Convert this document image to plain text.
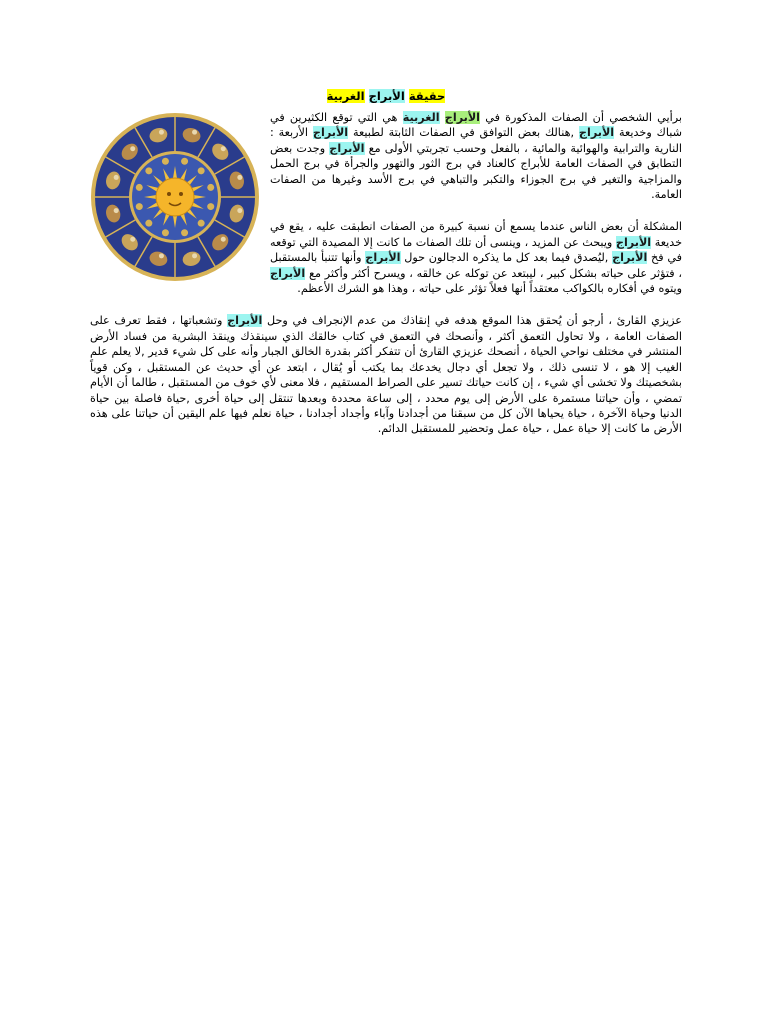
حقيقة الأبراج الغربية

برأيي الشخصي أن الصفات المذكورة في الأبراج الغربية هي التي توقع الكثيرين في شباك وخديعة الأبراج ,هنالك بعض التوافق في الصفات الثابتة لطبيعة الأبراج الأربعة : النارية والترابية والهوائية والمائية ، بالفعل وحسب تجربتي الأولى مع الأبراج وجدت بعض التطابق في الصفات العامة للأبراج كالعناد في برج الثور والتهور والجرأة في برج الحمل والمزاجية والتغير في برج الجوزاء والتكبر والتباهي في برج الأسد وغيرها من الصفات العامة.

المشكلة أن بعض الناس عندما يسمع أن نسبة كبيرة من الصفات انطبقت عليه ، يقع في خديعة الأبراج ويبحث عن المزيد ، وينسى أن تلك الصفات ما كانت إلا المصيدة التي توقعه في فخ الأبراج ,ليُصدق فيما بعد كل ما يذكره الدجالون حول الأبراج وأنها تتنبأ بالمستقبل ، فتؤثر على حياته بشكل كبير ، ليبتعد عن توكله عن خالقه ، ويسرح أكثر وأكثر مع الأبراج ويتوه في أفكاره بالكواكب معتقداً أنها فعلاً تؤثر على حياته ، وهذا هو الشرك الأعظم.

عزيزي القارئ ، أرجو أن يُحقق هذا الموقع هدفه في إنقاذك من عدم الإنجراف في وحل الأبراج وتشعباتها ، فقط تعرف على الصفات العامة ، ولا تحاول التعمق أكثر ، وأنصحك في التعمق في كتاب خالقك الذي سينقذك وينقذ البشرية من فساد الأرض المنتشر في مختلف نواحي الحياة ، أنصحك عزيزي القارئ أن تتفكر أكثر بقدرة الخالق الجبار وأنه على كل شيء قدير ,لا يعلم علم الغيب إلا هو ، لا تنسى ذلك ، ولا تجعل أي دجال يخدعك بما يكتب أو يُقال ، ابتعد عن أي حديث عن المستقبل ، وكن قوياً بشخصيتك ولا تخشى أي شيء ، إن كانت حياتك تسير على الصراط المستقيم ، فلا معنى لأي خوف من المستقبل ، طالما أن الأيام تمضي ، وأن حياتنا مستمرة على الأرض إلى يوم محدد ، إلى ساعة محددة وبعدها تنتقل إلى حياة أخرى ,حياة فاصلة بين حياة الدنيا وحياة الآخرة ، حياة يحياها الآن كل من سبقنا من أجدادنا وآباء وأجداد أجدادنا ، حياة نعلم فيها علم اليقين أن حياتنا على هذه الأرض ما كانت إلا حياة عمل ، حياة عمل وتحضير للمستقبل الدائم.
